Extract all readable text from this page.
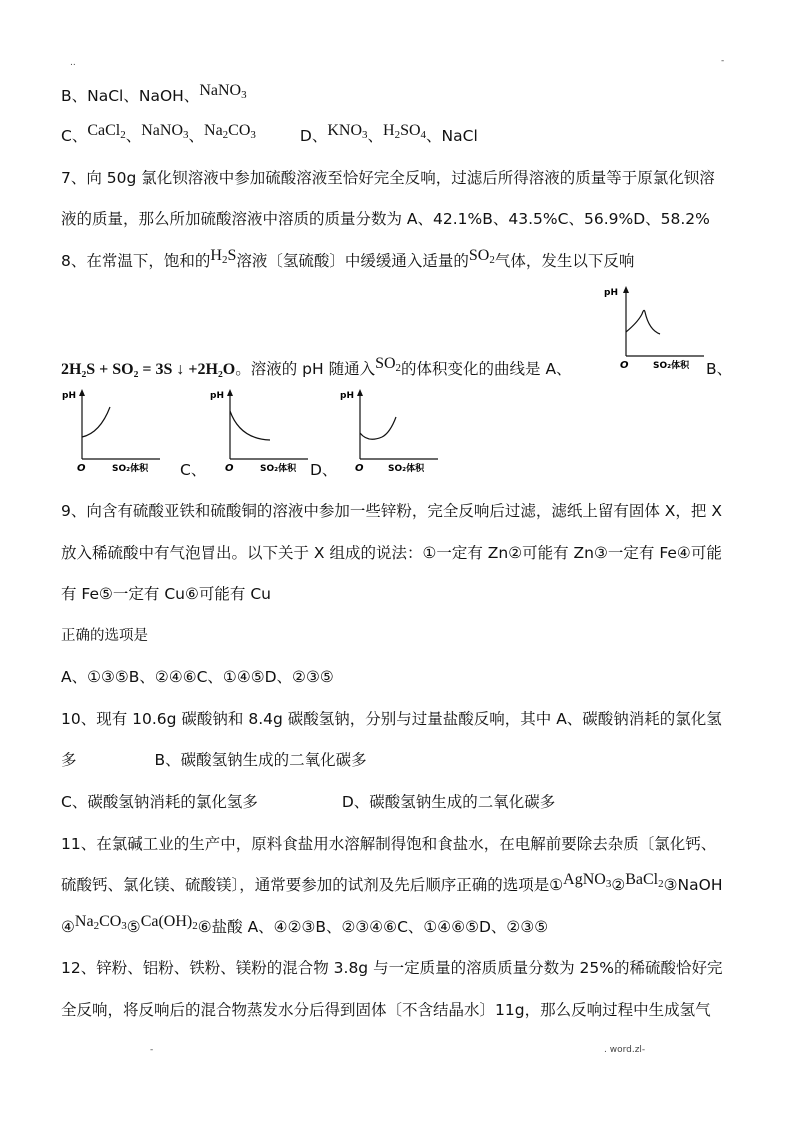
..	-
B、NaCl、NaOH、NaNO$_3$
C、CaCl$_2$、NaNO$_3$、$Na_2CO_3$	D、$KNO_3$、$H_2SO_4$、NaCl
7、向 50g 氯化钡溶液中参加硫酸溶液至恰好完全反响，过滤后所得溶液的质量等于原氯化钡溶
液的质量，那么所加硫酸溶液中溶质的质量分数为 A、42.1%B、43.5%C、56.9%D、58.2%
8、在常温下，饱和的$H_2S$溶液〔氢硫酸〕中缓缓通入适量的$SO_2$气体，发生以下反响
pH
O	SO₂体积
2H₂S + SO₂ = 3S ↓ +2H₂O。溶液的 pH 随通入$SO_2$的体积变化的曲线是 A、	B、
pH
O	SO₂体积 C、
pH
O	SO₂体积 D、
pH
O	SO₂体积
9、向含有硫酸亚铁和硫酸铜的溶液中参加一些锌粉，完全反响后过滤，滤纸上留有固体 X，把 X
放入稀硫酸中有气泡冒出。以下关于 X 组成的说法：①一定有 Zn②可能有 Zn③一定有 Fe④可能
有 Fe⑤一定有 Cu⑥可能有 Cu
正确的选项是
A、①③⑤B、②④⑥C、①④⑤D、②③⑤
10、现有 10.6g 碳酸钠和 8.4g 碳酸氢钠，分别与过量盐酸反响，其中 A、碳酸钠消耗的氯化氢
多	B、碳酸氢钠生成的二氧化碳多
C、碳酸氢钠消耗的氯化氢多	D、碳酸氢钠生成的二氧化碳多
11、在氯碱工业的生产中，原料食盐用水溶解制得饱和食盐水，在电解前要除去杂质〔氯化钙、
硫酸钙、氯化镁、硫酸镁〕，通常要参加的试剂及先后顺序正确的选项是①AgNO$_3$②BaCl$_2$③NaOH
$④Na_2CO_3⑤Ca(OH)_2⑥$盐酸 A、④②③B、②③④⑥C、①④⑥⑤D、②③⑤
12、锌粉、铝粉、铁粉、镁粉的混合物 3.8g 与一定质量的溶质质量分数为 25%的稀硫酸恰好完
全反响，将反响后的混合物蒸发水分后得到固体〔不含结晶水〕11g，那么反响过程中生成氢气
-	. word.zl-
